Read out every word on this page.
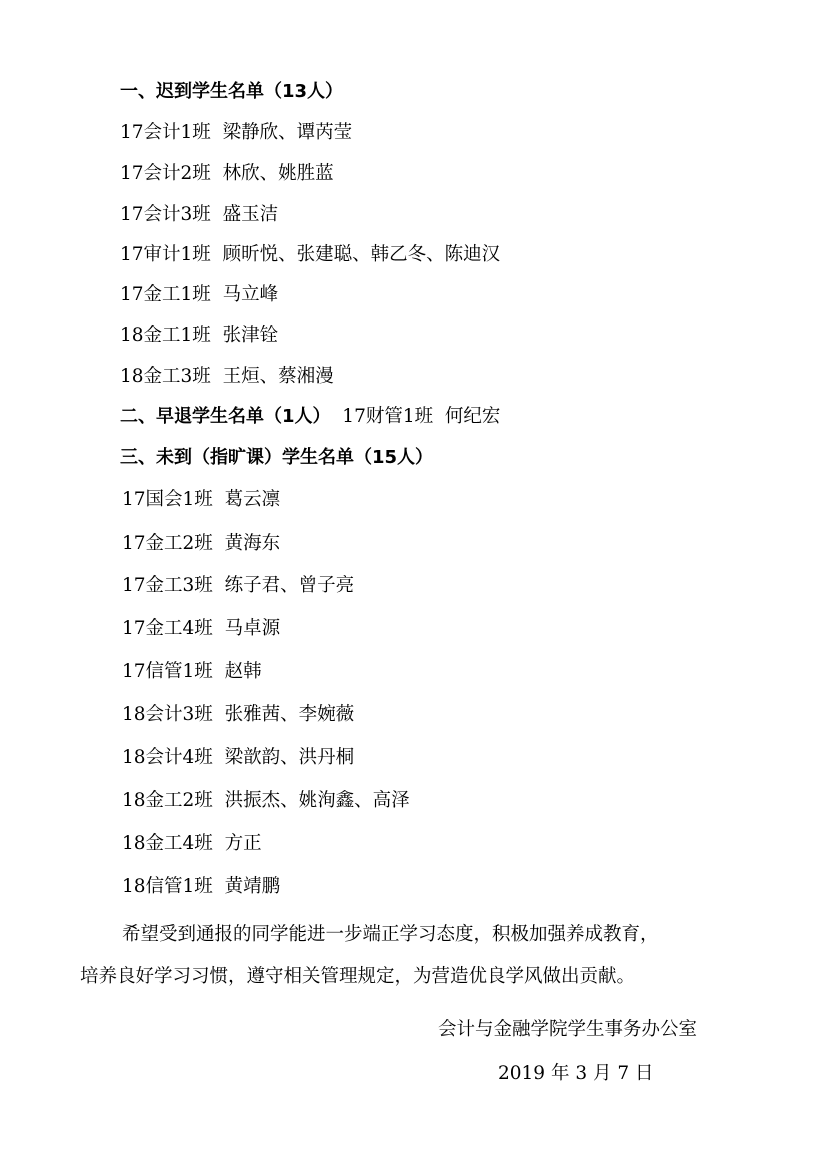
一、迟到学生名单（13人）
17会计1班 梁静欣、谭芮莹
17会计2班 林欣、姚胜蓝
17会计3班 盛玉洁
17审计1班 顾昕悦、张建聪、韩乙冬、陈迪汉
17金工1班 马立峰
18金工1班 张津铨
18金工3班 王烜、蔡湘漫
二、早退学生名单（1人） 17财管1班 何纪宏
三、未到（指旷课）学生名单（15人）
17国会1班 葛云凛
17金工2班 黄海东
17金工3班 练子君、曾子亮
17金工4班 马卓源
17信管1班 赵韩
18会计3班 张雅茜、李婉薇
18会计4班 梁歆韵、洪丹桐
18金工2班 洪振杰、姚洵鑫、高泽
18金工4班 方正
18信管1班 黄靖鹏
希望受到通报的同学能进一步端正学习态度，积极加强养成教育，
培养良好学习习惯，遵守相关管理规定，为营造优良学风做出贡献。
会计与金融学院学生事务办公室
2019 年 3 月 7 日
